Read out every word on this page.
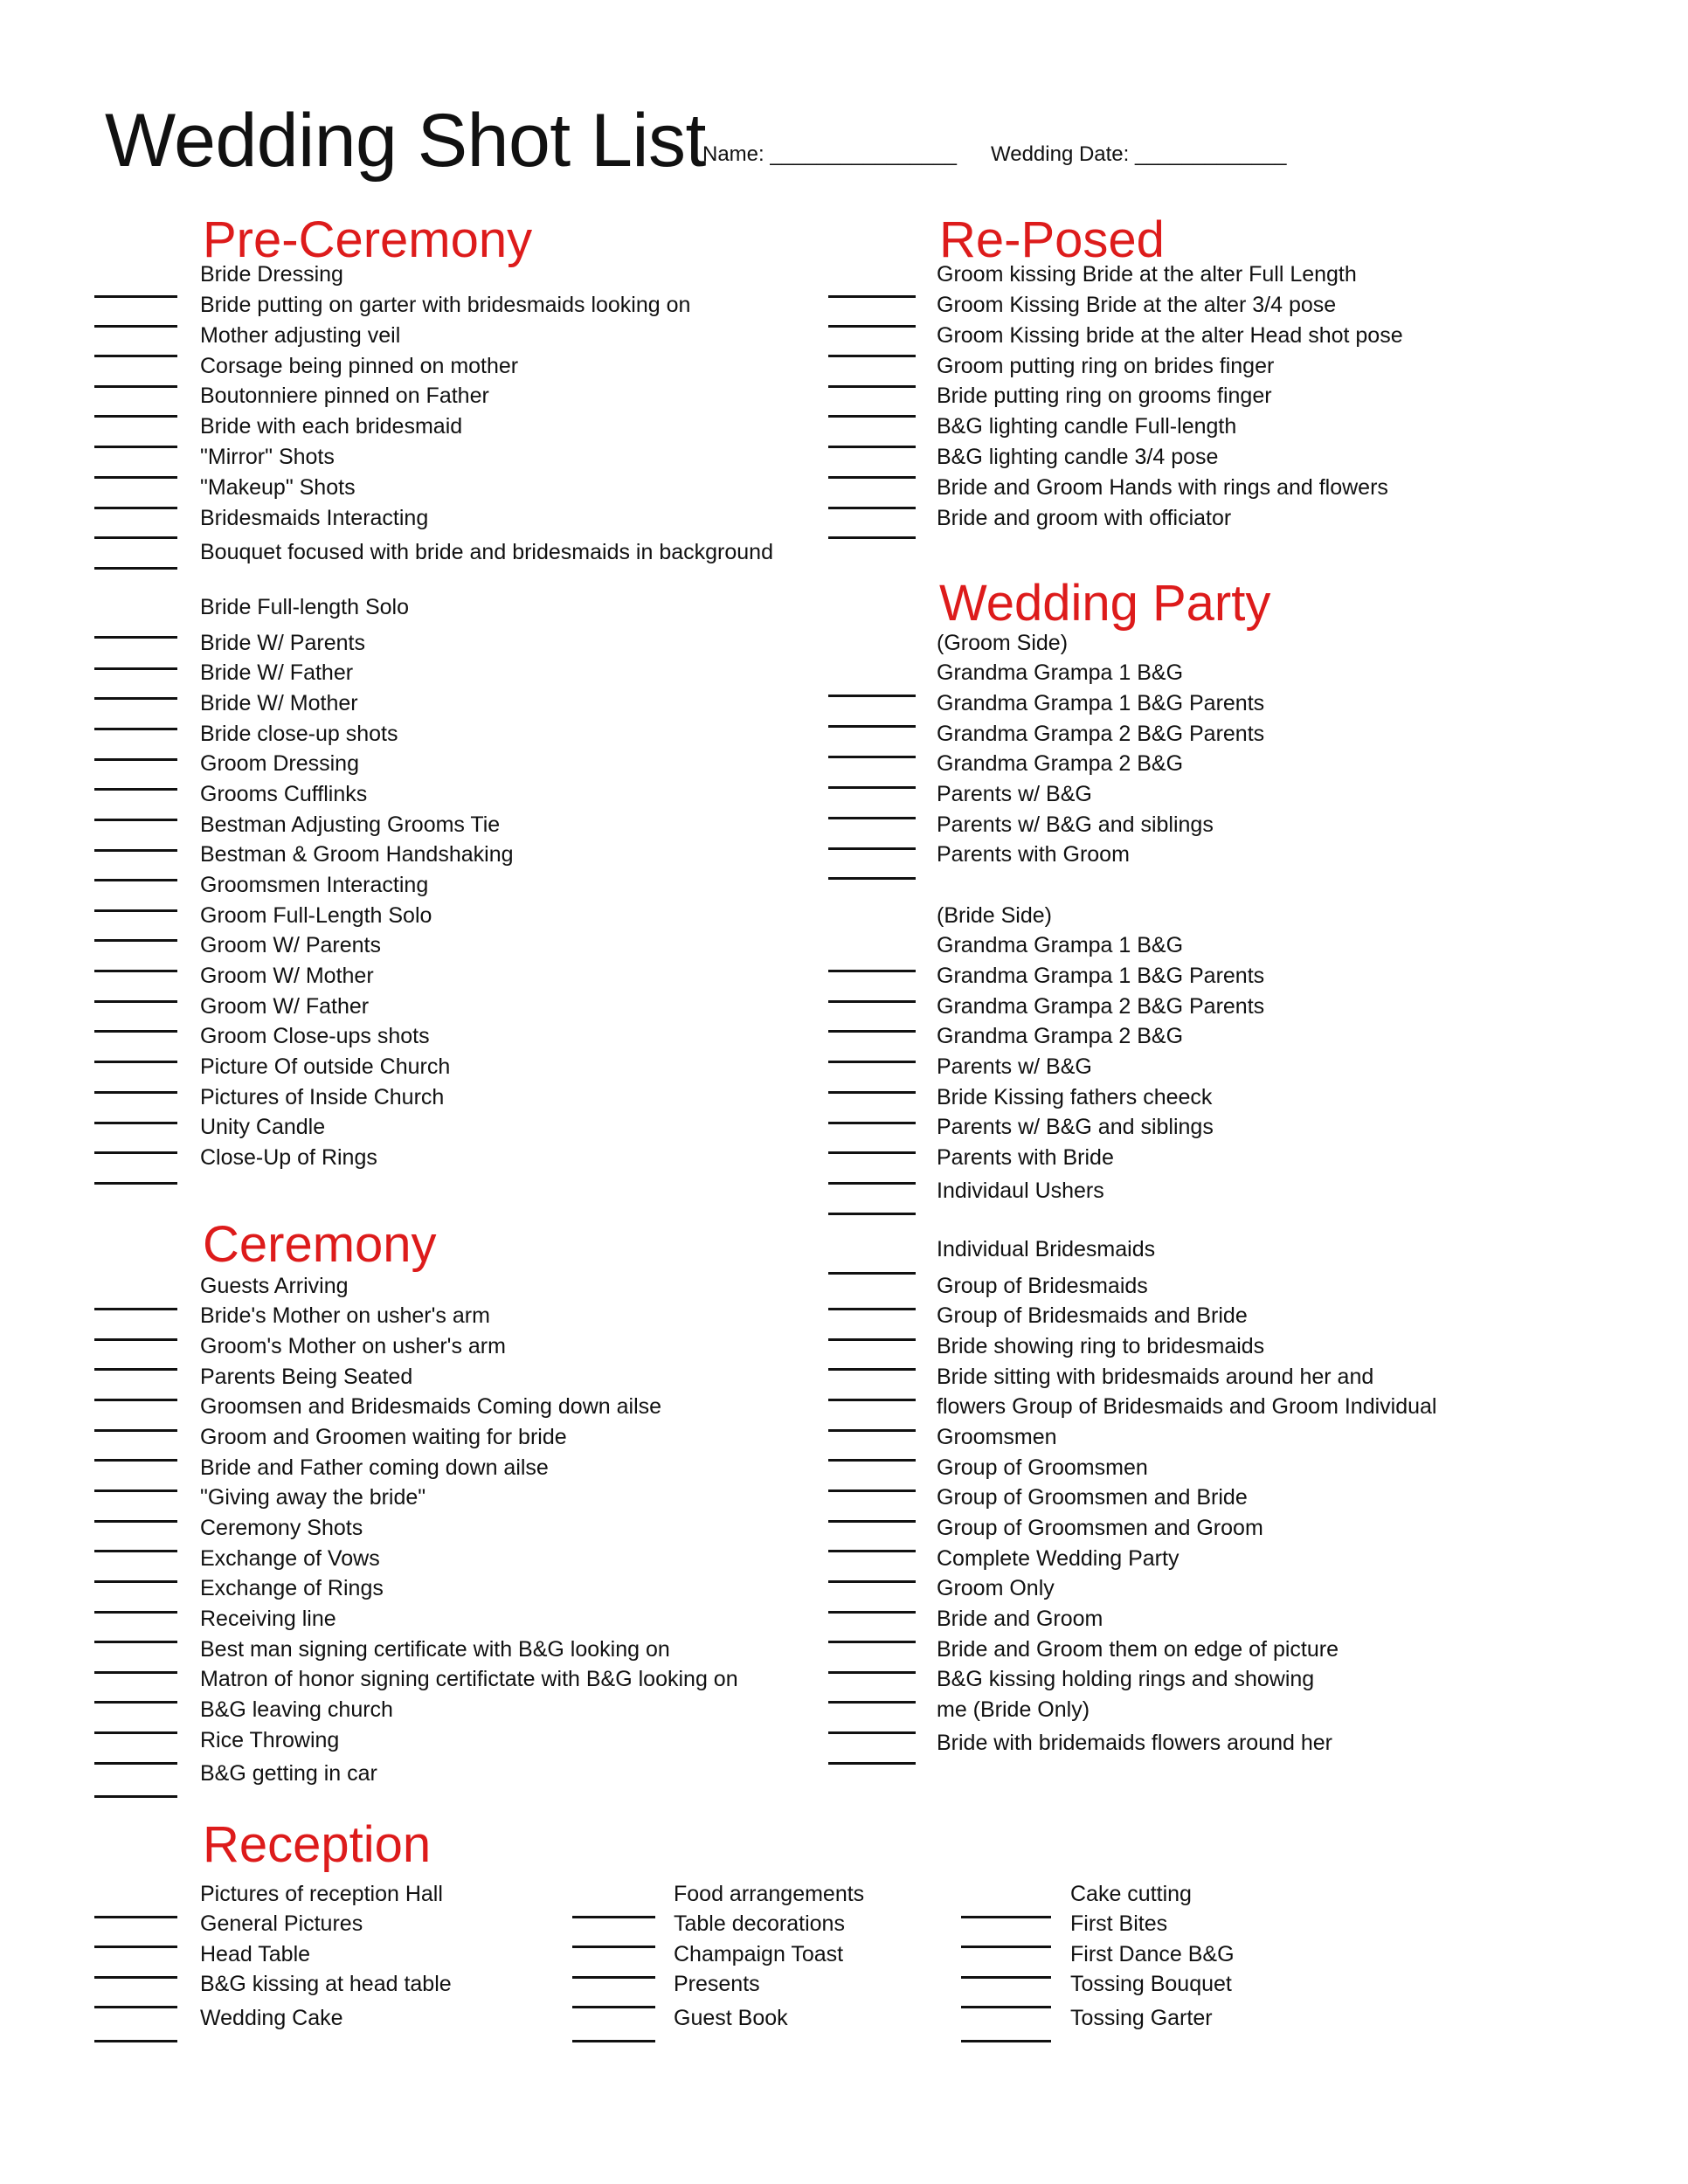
Wedding Shot List
Name: ________________ Wedding Date: _____________
Pre-Ceremony
Bride Dressing
Bride putting on garter with bridesmaids looking on
Mother adjusting veil
Corsage being pinned on mother
Boutonniere pinned on Father
Bride with each bridesmaid
"Mirror" Shots
"Makeup" Shots
Bridesmaids Interacting
Bouquet focused with bride and bridesmaids in background
Bride Full-length Solo
Bride W/ Parents
Bride W/ Father
Bride W/ Mother
Bride close-up shots
Groom Dressing
Grooms Cufflinks
Bestman Adjusting Grooms Tie
Bestman & Groom Handshaking
Groomsmen Interacting
Groom Full-Length Solo
Groom W/ Parents
Groom W/ Mother
Groom W/ Father
Groom Close-ups shots
Picture Of outside Church
Pictures of Inside Church
Unity Candle
Close-Up of Rings
Ceremony
Guests Arriving
Bride's Mother on usher's arm
Groom's Mother on usher's arm
Parents Being Seated
Groomsen and Bridesmaids Coming down ailse
Groom and Groomen waiting for bride
Bride and Father coming down ailse
"Giving away the bride"
Ceremony Shots
Exchange of Vows
Exchange of Rings
Receiving line
Best man signing certificate with B&G looking on
Matron of honor signing certifictate with B&G looking on
B&G leaving church
Rice Throwing
B&G getting in car
Re-Posed
Groom kissing Bride at the alter Full Length
Groom Kissing Bride at the alter 3/4 pose
Groom Kissing bride at the alter Head shot pose
Groom putting ring on brides finger
Bride putting ring on grooms finger
B&G lighting candle Full-length
B&G lighting candle 3/4 pose
Bride and Groom Hands with rings and flowers
Bride and groom with officiator
Wedding Party
(Groom Side)
Grandma Grampa 1 B&G
Grandma Grampa 1 B&G Parents
Grandma Grampa 2 B&G Parents
Grandma Grampa 2 B&G
Parents w/ B&G
Parents w/ B&G and siblings
Parents with Groom
(Bride Side)
Grandma Grampa 1 B&G
Grandma Grampa 1 B&G Parents
Grandma Grampa 2 B&G Parents
Grandma Grampa 2 B&G
Parents w/ B&G
Bride Kissing fathers cheeck
Parents w/ B&G and siblings
Parents with Bride
Individaul Ushers
Individual Bridesmaids
Group of Bridesmaids
Group of Bridesmaids and Bride
Bride showing ring to bridesmaids
Bride sitting with bridesmaids around her and
flowers Group of Bridesmaids and Groom Individual
Groomsmen
Group of Groomsmen
Group of Groomsmen and Bride
Group of Groomsmen and Groom
Complete Wedding Party
Groom Only
Bride and Groom
Bride and Groom them on edge of picture
B&G kissing holding rings and showing
me (Bride Only)
Bride with bridemaids flowers around her
Reception
Pictures of reception Hall
General Pictures
Head Table
B&G kissing at head table
Wedding Cake
Food arrangements
Table decorations
Champaign Toast
Presents
Guest Book
Cake cutting
First Bites
First Dance B&G
Tossing Bouquet
Tossing Garter
